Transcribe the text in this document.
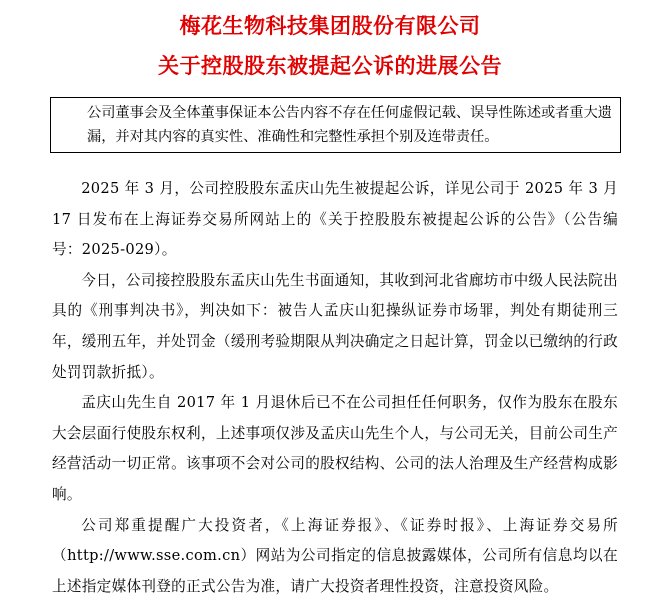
梅花生物科技集团股份有限公司
关于控股股东被提起公诉的进展公告
公司董事会及全体董事保证本公告内容不存在任何虚假记载、误导性陈述或者重大遗漏，并对其内容的真实性、准确性和完整性承担个别及连带责任。

2025 年 3 月，公司控股股东孟庆山先生被提起公诉，详见公司于 2025 年 3 月 17 日发布在上海证券交易所网站上的《关于控股股东被提起公诉的公告》（公告编号：2025-029）。

今日，公司接控股股东孟庆山先生书面通知，其收到河北省廊坊市中级人民法院出具的《刑事判决书》，判决如下：被告人孟庆山犯操纵证券市场罪，判处有期徒刑三年，缓刑五年，并处罚金（缓刑考验期限从判决确定之日起计算，罚金以已缴纳的行政处罚罚款折抵）。

孟庆山先生自 2017 年 1 月退休后已不在公司担任任何职务，仅作为股东在股东大会层面行使股东权利，上述事项仅涉及孟庆山先生个人，与公司无关，目前公司生产经营活动一切正常。该事项不会对公司的股权结构、公司的法人治理及生产经营构成影响。

公司郑重提醒广大投资者，《上海证券报》、《证券时报》、上海证券交易所（http://www.sse.com.cn）网站为公司指定的信息披露媒体，公司所有信息均以在上述指定媒体刊登的正式公告为准，请广大投资者理性投资，注意投资风险。
